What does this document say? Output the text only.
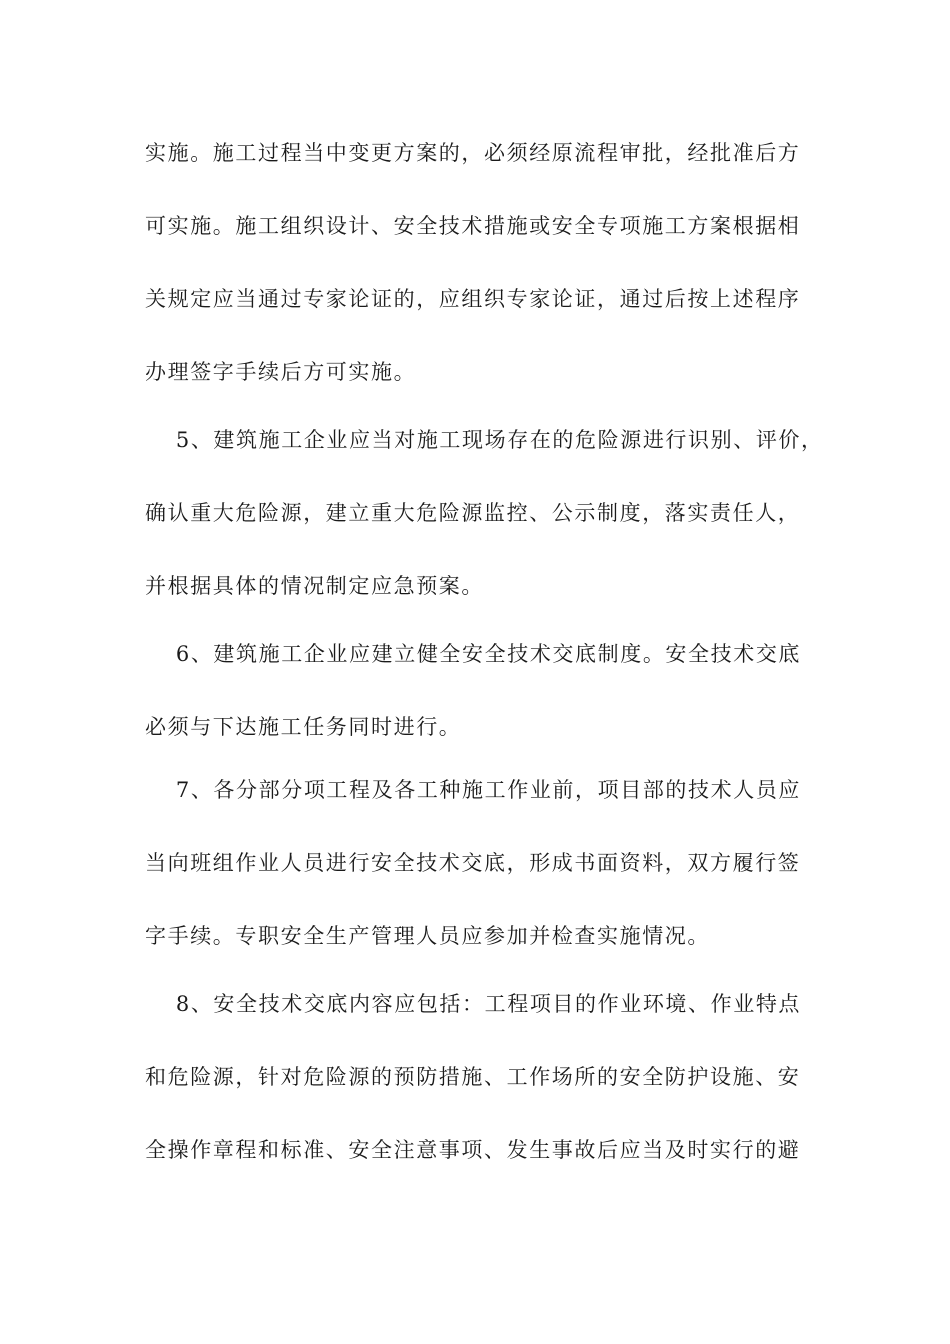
实施。施工过程当中变更方案的，必须经原流程审批，经批准后方
可实施。施工组织设计、安全技术措施或安全专项施工方案根据相
关规定应当通过专家论证的，应组织专家论证，通过后按上述程序
办理签字手续后方可实施。
　 5、建筑施工企业应当对施工现场存在的危险源进行识别、评价，
确认重大危险源，建立重大危险源监控、公示制度，落实责任人，
并根据具体的情况制定应急预案。
　 6、建筑施工企业应建立健全安全技术交底制度。安全技术交底
必须与下达施工任务同时进行。
　 7、各分部分项工程及各工种施工作业前，项目部的技术人员应
当向班组作业人员进行安全技术交底，形成书面资料，双方履行签
字手续。专职安全生产管理人员应参加并检查实施情况。
　 8、安全技术交底内容应包括：工程项目的作业环境、作业特点
和危险源，针对危险源的预防措施、工作场所的安全防护设施、安
全操作章程和标准、安全注意事项、发生事故后应当及时实行的避
